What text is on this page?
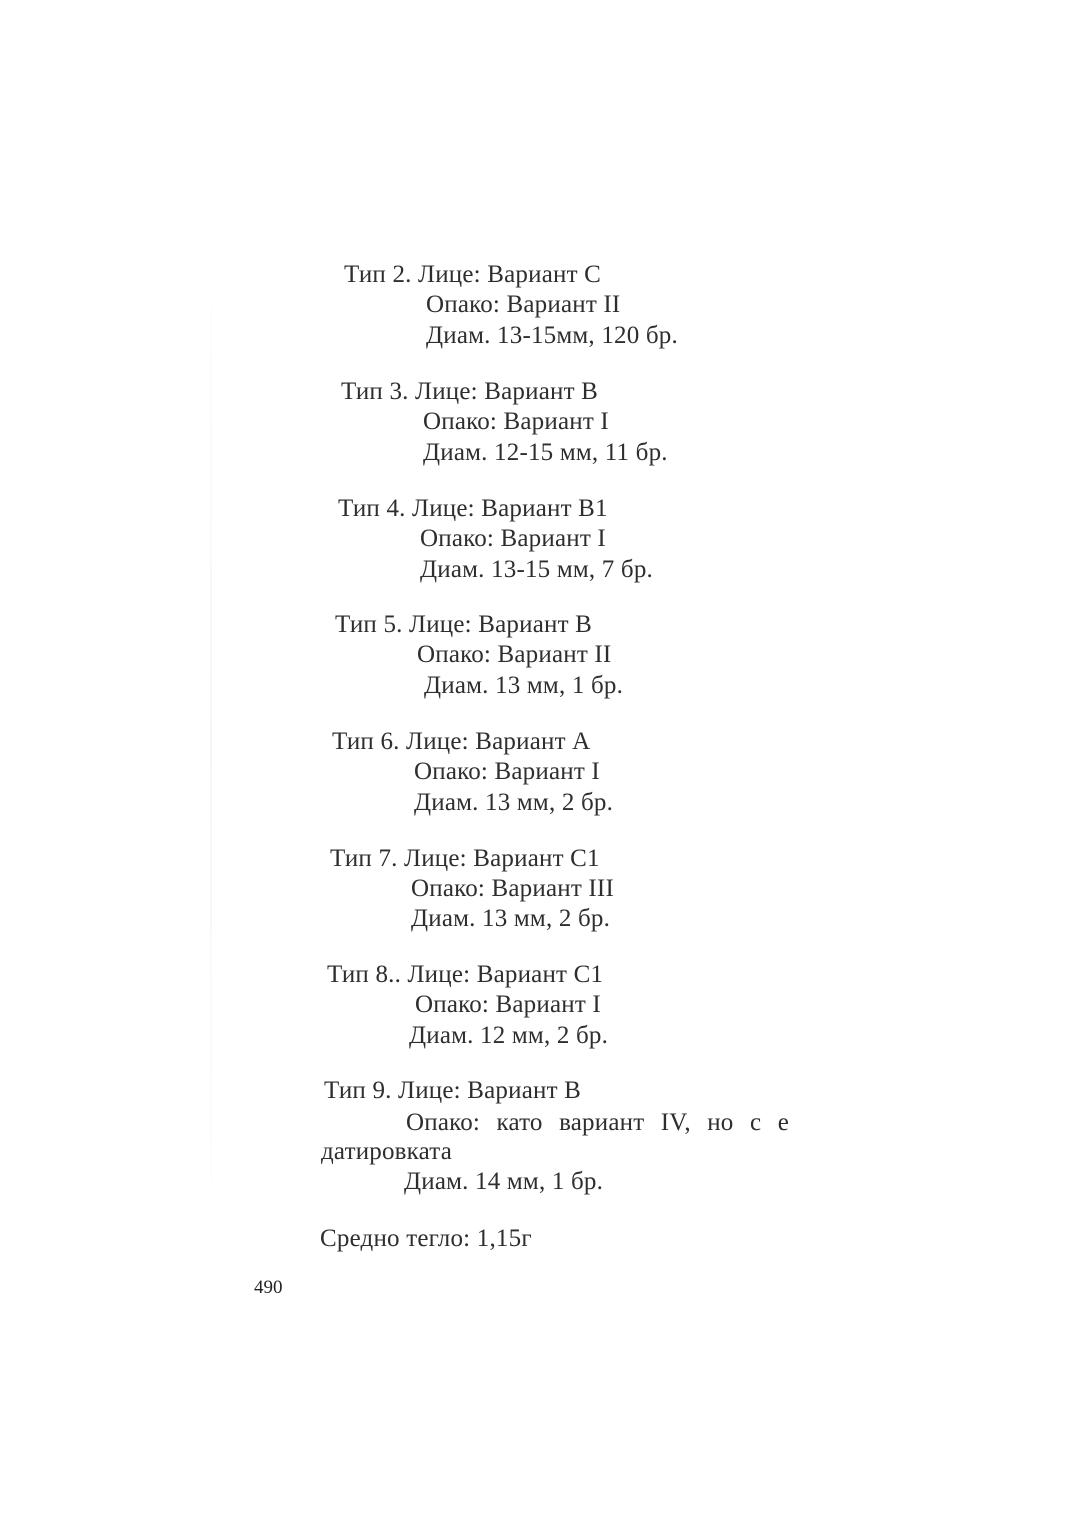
Тип 2. Лице: Вариант С
Опако: Вариант II
Диам. 13-15мм, 120 бр.
Тип 3. Лице: Вариант В
Опако: Вариант I
Диам. 12-15 мм, 11 бр.
Тип 4. Лице: Вариант В1
Опако: Вариант I
Диам. 13-15 мм, 7 бр.
Тип 5. Лице: Вариант В
Опако: Вариант II
Диам. 13 мм, 1 бр.
Тип 6. Лице: Вариант А
Опако: Вариант I
Диам. 13 мм, 2 бр.
Тип 7. Лице: Вариант С1
Опако: Вариант III
Диам. 13 мм, 2 бр.
Тип 8.. Лице: Вариант С1
Опако: Вариант I
Диам. 12 мм, 2 бр.
Тип 9. Лице: Вариант В
Опако: като вариант IV, но с е
датировката
Диам. 14 мм, 1 бр.
Средно тегло: 1,15г
490
